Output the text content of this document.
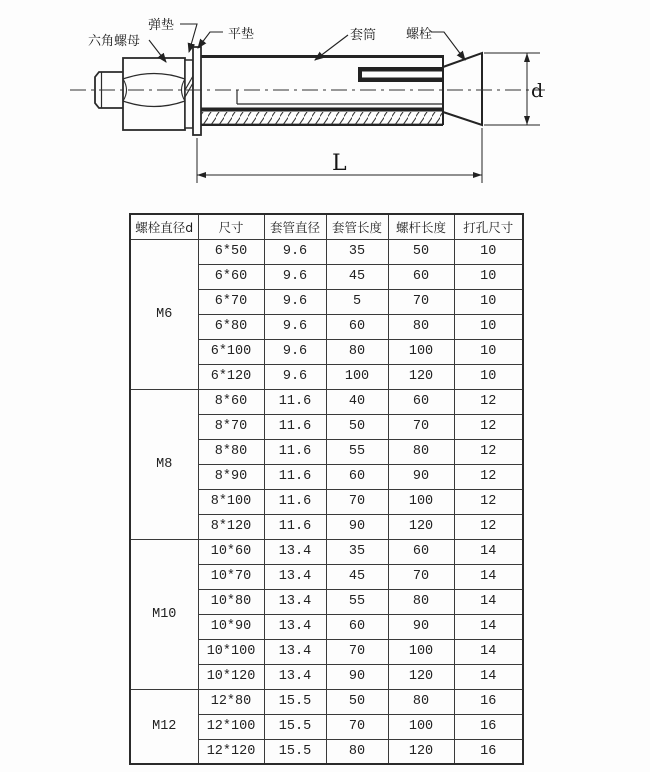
d
L
六角螺母
弹垫
平垫	套筒 螺栓
螺栓直径d	尺寸	套管直径	套管长度	螺杆长度	打孔尺寸
M6	6*50	9.6	35	50	10
	6*60	9.6	45	60	10
	6*70	9.6	5	70	10
	6*80	9.6	60	80	10
	6*100	9.6	80	100	10
	6*120	9.6	100	120	10
M8	8*60	11.6	40	60	12
	8*70	11.6	50	70	12
	8*80	11.6	55	80	12
	8*90	11.6	60	90	12
	8*100	11.6	70	100	12
	8*120	11.6	90	120	12
M10	10*60	13.4	35	60	14
	10*70	13.4	45	70	14
	10*80	13.4	55	80	14
	10*90	13.4	60	90	14
	10*100	13.4	70	100	14
	10*120	13.4	90	120	14
M12	12*80	15.5	50	80	16
	12*100	15.5	70	100	16
	12*120	15.5	80	120	16
